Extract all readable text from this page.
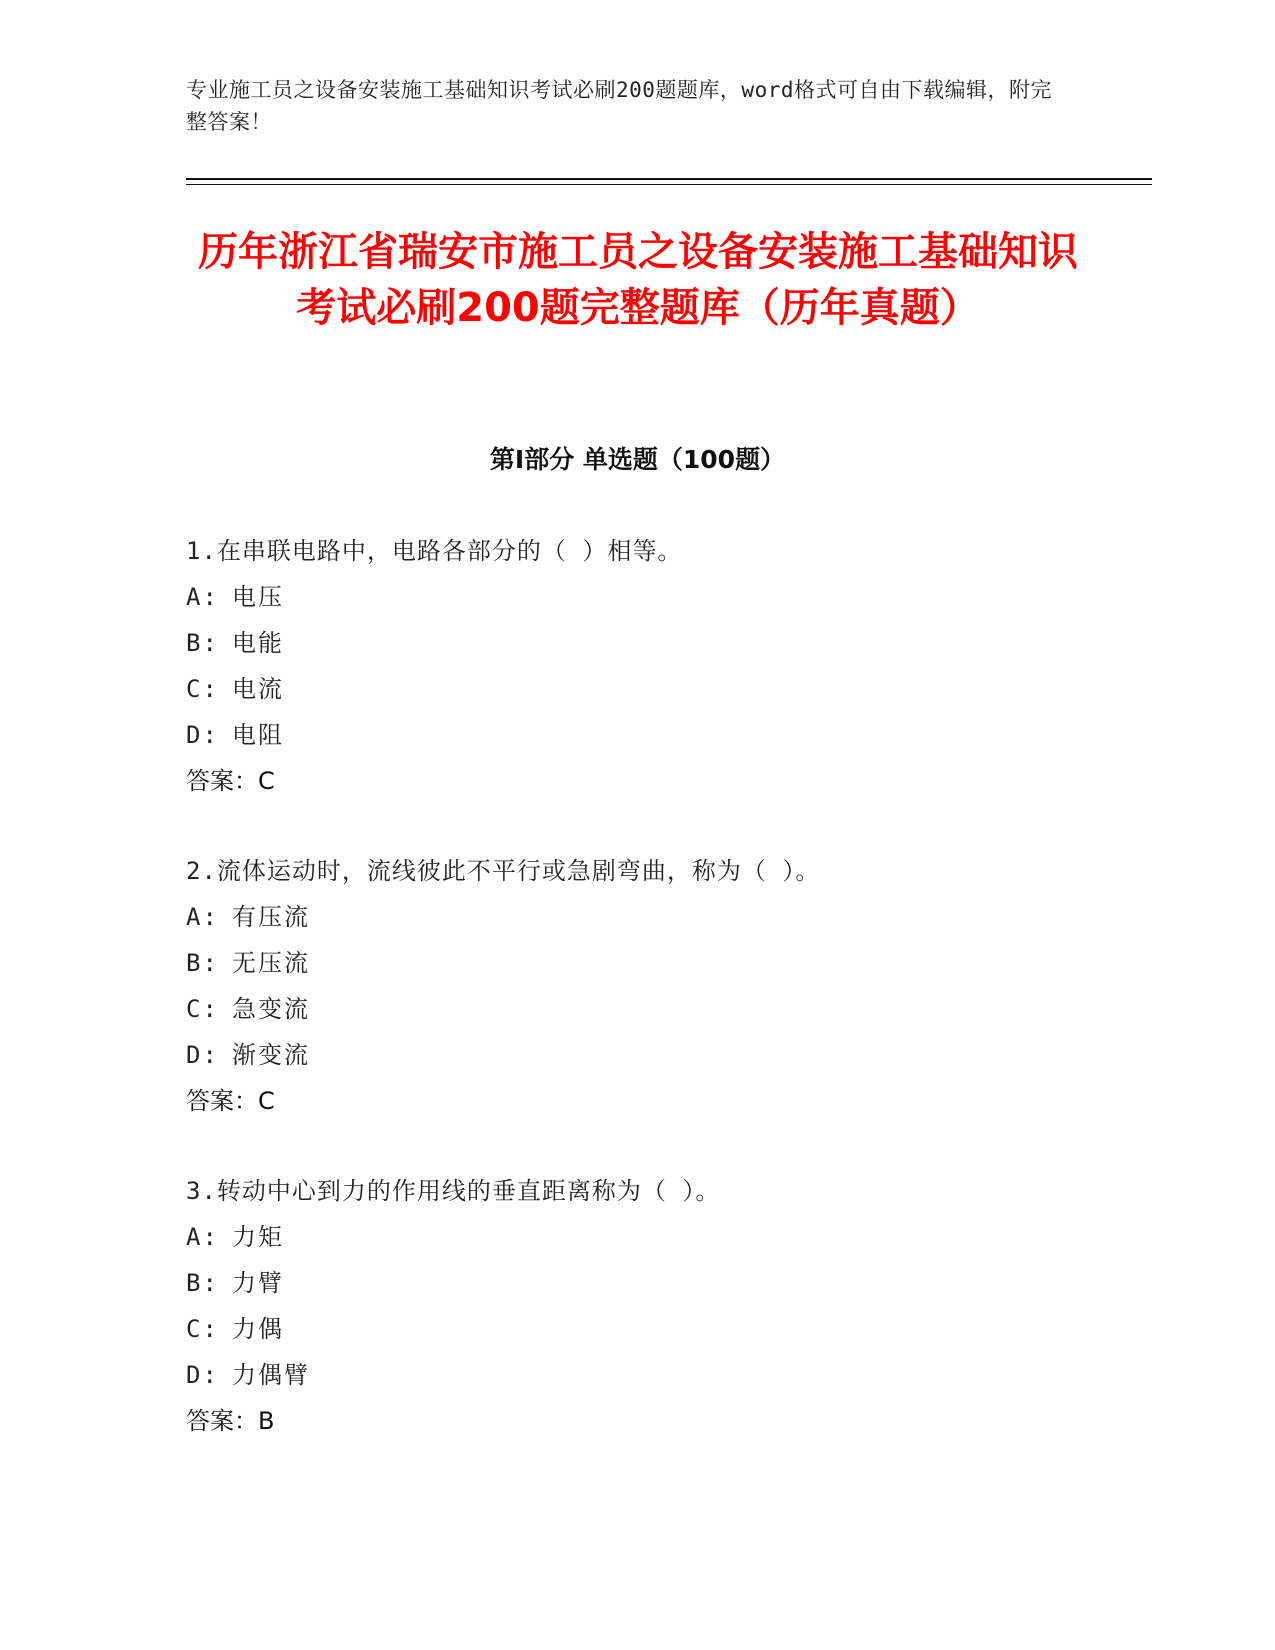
专业施工员之设备安装施工基础知识考试必刷200题题库，word格式可自由下载编辑，附完整答案！
历年浙江省瑞安市施工员之设备安装施工基础知识考试必刷200题完整题库（历年真题）
第I部分 单选题（100题）
1.在串联电路中，电路各部分的（ ）相等。
A: 电压
B: 电能
C: 电流
D: 电阻
答案：C
2.流体运动时，流线彼此不平行或急剧弯曲，称为（ ）。
A: 有压流
B: 无压流
C: 急变流
D: 渐变流
答案：C
3.转动中心到力的作用线的垂直距离称为（ ）。
A: 力矩
B: 力臂
C: 力偶
D: 力偶臂
答案：B
